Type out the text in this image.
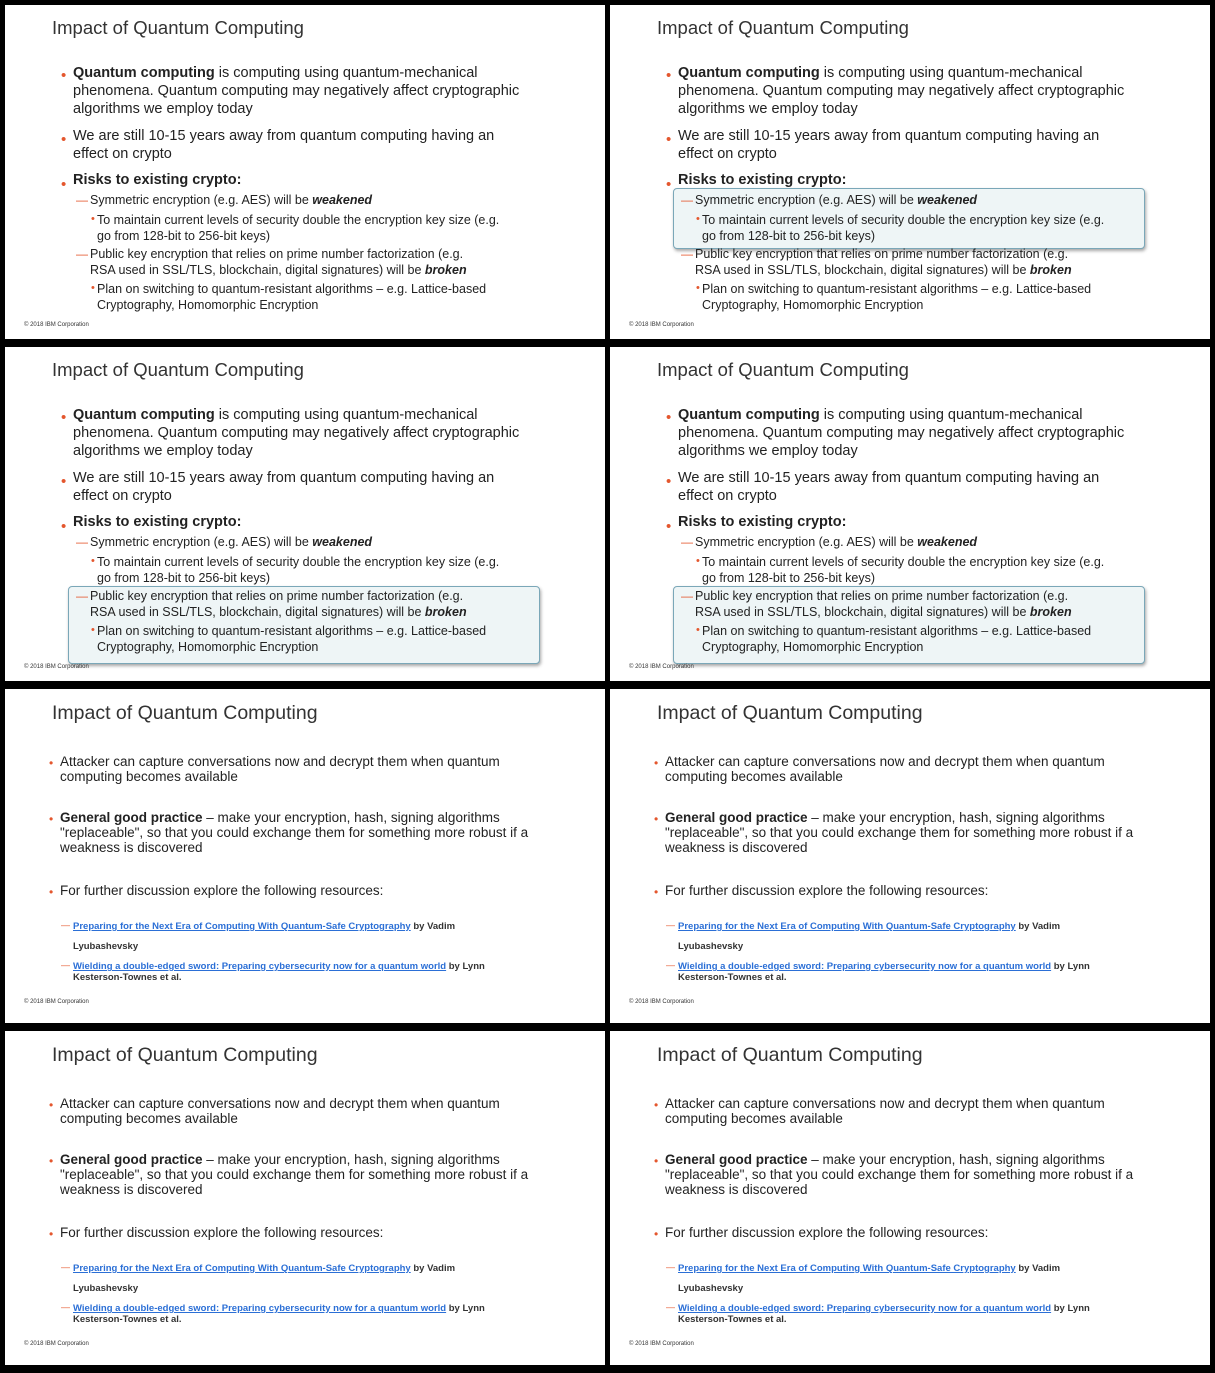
Impact of Quantum Computing
• Quantum computing is computing using quantum-mechanical
phenomena. Quantum computing may negatively affect cryptographic
algorithms we employ today
• We are still 10-15 years away from quantum computing having an
effect on crypto
• Risks to existing crypto:
— Symmetric encryption (e.g. AES) will be weakened
• To maintain current levels of security double the encryption key size (e.g.
go from 128-bit to 256-bit keys)
— Public key encryption that relies on prime number factorization (e.g.
RSA used in SSL/TLS, blockchain, digital signatures) will be broken
• Plan on switching to quantum-resistant algorithms – e.g. Lattice-based
Cryptography, Homomorphic Encryption
© 2018 IBM Corporation
Impact of Quantum Computing
• Quantum computing is computing using quantum-mechanical
phenomena. Quantum computing may negatively affect cryptographic
algorithms we employ today
• We are still 10-15 years away from quantum computing having an
effect on crypto
• Risks to existing crypto:
— Symmetric encryption (e.g. AES) will be weakened
• To maintain current levels of security double the encryption key size (e.g.
go from 128-bit to 256-bit keys)
— Public key encryption that relies on prime number factorization (e.g.
RSA used in SSL/TLS, blockchain, digital signatures) will be broken
• Plan on switching to quantum-resistant algorithms – e.g. Lattice-based
Cryptography, Homomorphic Encryption
© 2018 IBM Corporation
Impact of Quantum Computing
• Quantum computing is computing using quantum-mechanical
phenomena. Quantum computing may negatively affect cryptographic
algorithms we employ today
• We are still 10-15 years away from quantum computing having an
effect on crypto
• Risks to existing crypto:
— Symmetric encryption (e.g. AES) will be weakened
• To maintain current levels of security double the encryption key size (e.g.
go from 128-bit to 256-bit keys)
— Public key encryption that relies on prime number factorization (e.g.
RSA used in SSL/TLS, blockchain, digital signatures) will be broken
• Plan on switching to quantum-resistant algorithms – e.g. Lattice-based
Cryptography, Homomorphic Encryption
© 2018 IBM Corporation
Impact of Quantum Computing
• Quantum computing is computing using quantum-mechanical
phenomena. Quantum computing may negatively affect cryptographic
algorithms we employ today
• We are still 10-15 years away from quantum computing having an
effect on crypto
• Risks to existing crypto:
— Symmetric encryption (e.g. AES) will be weakened
• To maintain current levels of security double the encryption key size (e.g.
go from 128-bit to 256-bit keys)
— Public key encryption that relies on prime number factorization (e.g.
RSA used in SSL/TLS, blockchain, digital signatures) will be broken
• Plan on switching to quantum-resistant algorithms – e.g. Lattice-based
Cryptography, Homomorphic Encryption
© 2018 IBM Corporation
Impact of Quantum Computing
• Attacker can capture conversations now and decrypt them when quantum
computing becomes available
• General good practice – make your encryption, hash, signing algorithms
"replaceable", so that you could exchange them for something more robust if a
weakness is discovered
• For further discussion explore the following resources:
— Preparing for the Next Era of Computing With Quantum-Safe Cryptography by Vadim
Lyubashevsky
— Wielding a double-edged sword: Preparing cybersecurity now for a quantum world by Lynn
Kesterson-Townes et al.
© 2018 IBM Corporation
Impact of Quantum Computing
• Attacker can capture conversations now and decrypt them when quantum
computing becomes available
• General good practice – make your encryption, hash, signing algorithms
"replaceable", so that you could exchange them for something more robust if a
weakness is discovered
• For further discussion explore the following resources:
— Preparing for the Next Era of Computing With Quantum-Safe Cryptography by Vadim
Lyubashevsky
— Wielding a double-edged sword: Preparing cybersecurity now for a quantum world by Lynn
Kesterson-Townes et al.
© 2018 IBM Corporation
Impact of Quantum Computing
• Attacker can capture conversations now and decrypt them when quantum
computing becomes available
• General good practice – make your encryption, hash, signing algorithms
"replaceable", so that you could exchange them for something more robust if a
weakness is discovered
• For further discussion explore the following resources:
— Preparing for the Next Era of Computing With Quantum-Safe Cryptography by Vadim
Lyubashevsky
— Wielding a double-edged sword: Preparing cybersecurity now for a quantum world by Lynn
Kesterson-Townes et al.
© 2018 IBM Corporation
Impact of Quantum Computing
• Attacker can capture conversations now and decrypt them when quantum
computing becomes available
• General good practice – make your encryption, hash, signing algorithms
"replaceable", so that you could exchange them for something more robust if a
weakness is discovered
• For further discussion explore the following resources:
— Preparing for the Next Era of Computing With Quantum-Safe Cryptography by Vadim
Lyubashevsky
— Wielding a double-edged sword: Preparing cybersecurity now for a quantum world by Lynn
Kesterson-Townes et al.
© 2018 IBM Corporation
